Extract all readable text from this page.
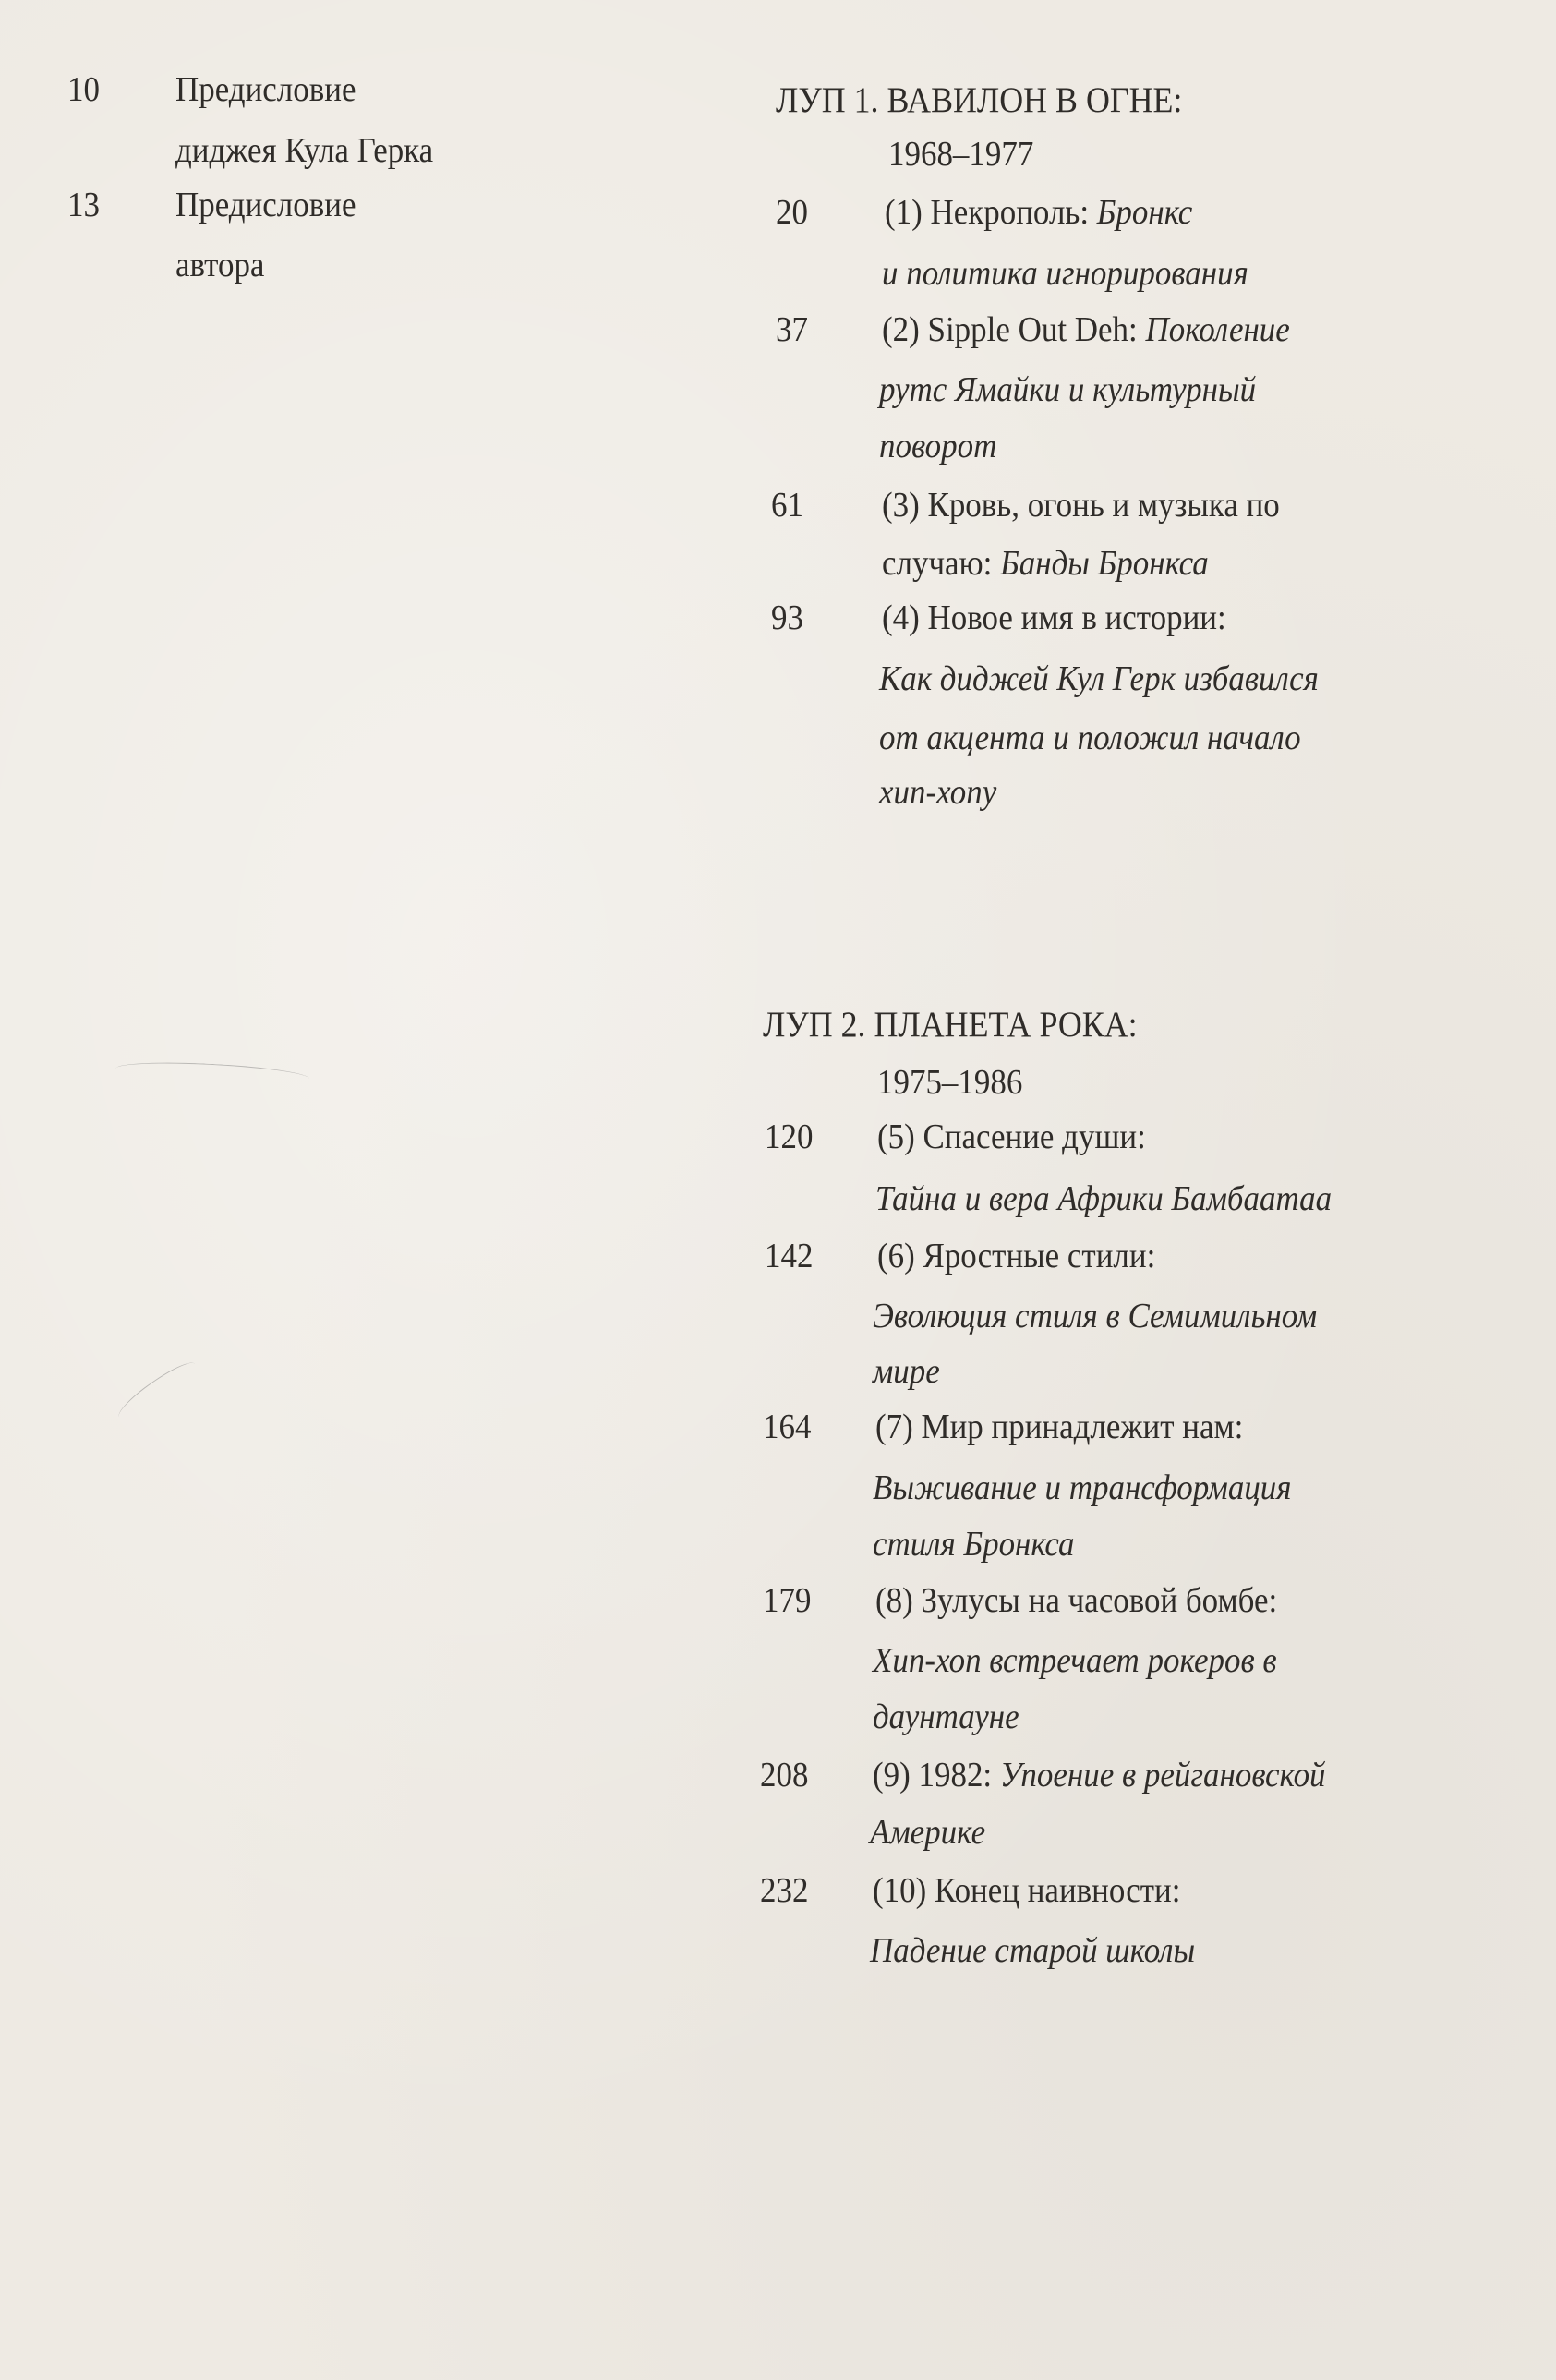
10 Предисловие
диджея Кула Герка
13 Предисловие
автора
ЛУП 1. ВАВИЛОН В ОГНЕ:
1968–1977
20 (1) Некрополь: Бронкс
и политика игнорирования
37 (2) Sipple Out Deh: Поколение
рутс Ямайки и культурный
поворот
61 (3) Кровь, огонь и музыка по
случаю: Банды Бронкса
93 (4) Новое имя в истории:
Как диджей Кул Герк избавился
от акцента и положил начало
хип-хопу
ЛУП 2. ПЛАНЕТА РОКА:
1975–1986
120 (5) Спасение души:
Тайна и вера Африки Бамбаатаа
142 (6) Яростные стили:
Эволюция стиля в Семимильном
мире
164 (7) Мир принадлежит нам:
Выживание и трансформация
стиля Бронкса
179 (8) Зулусы на часовой бомбе:
Хип-хоп встречает рокеров в
даунтауне
208 (9) 1982: Упоение в рейгановской
Америке
232 (10) Конец наивности:
Падение старой школы
